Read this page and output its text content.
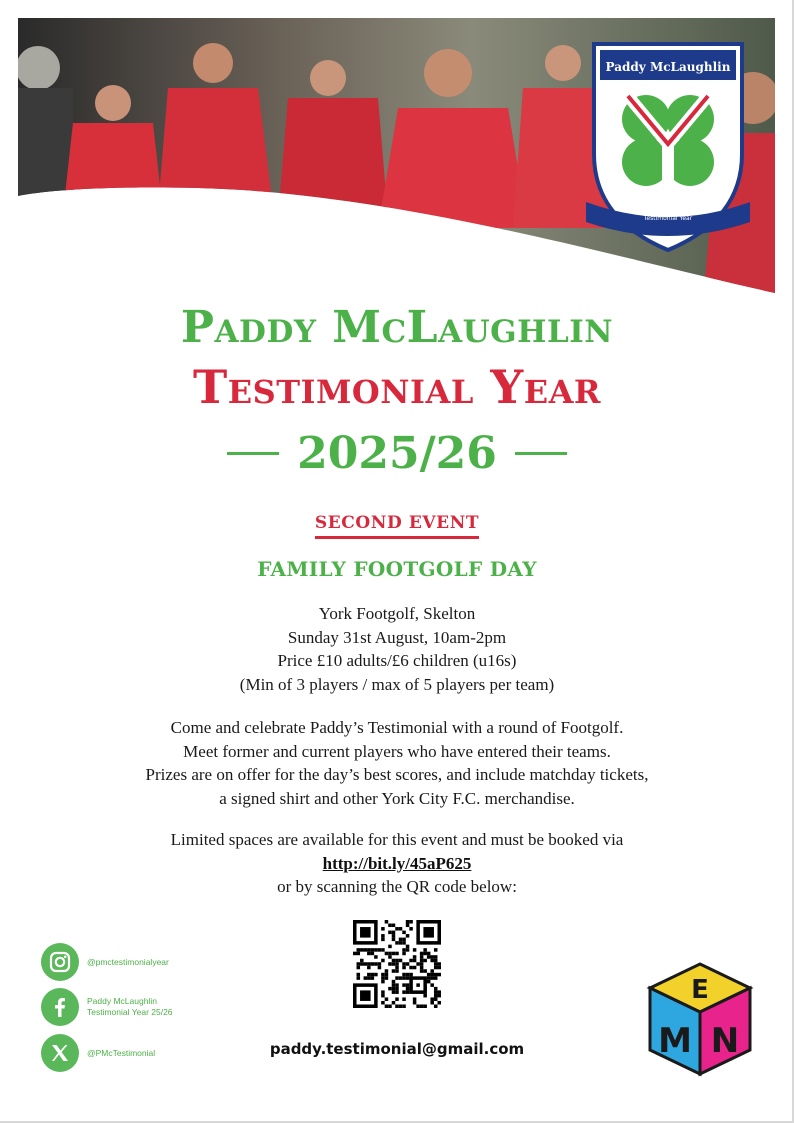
Paddy McLaughlin
Testimonial Year
Paddy McLaughlin
Testimonial Year
2025/26
SECOND EVENT
FAMILY FOOTGOLF DAY
York Footgolf, Skelton
Sunday 31st August, 10am-2pm
Price £10 adults/£6 children (u16s)
(Min of 3 players / max of 5 players per team)
Come and celebrate Paddy’s Testimonial with a round of Footgolf.
Meet former and current players who have entered their teams.
Prizes are on offer for the day’s best scores, and include matchday tickets,
a signed shirt and other York City F.C. merchandise.
Limited spaces are available for this event and must be booked via
http://bit.ly/45aP625
or by scanning the QR code below:
@pmctestimonialyear
Paddy McLaughlin
Testimonial Year 25/26
@PMcTestimonial	paddy.testimonial@gmail.com
E
M N
